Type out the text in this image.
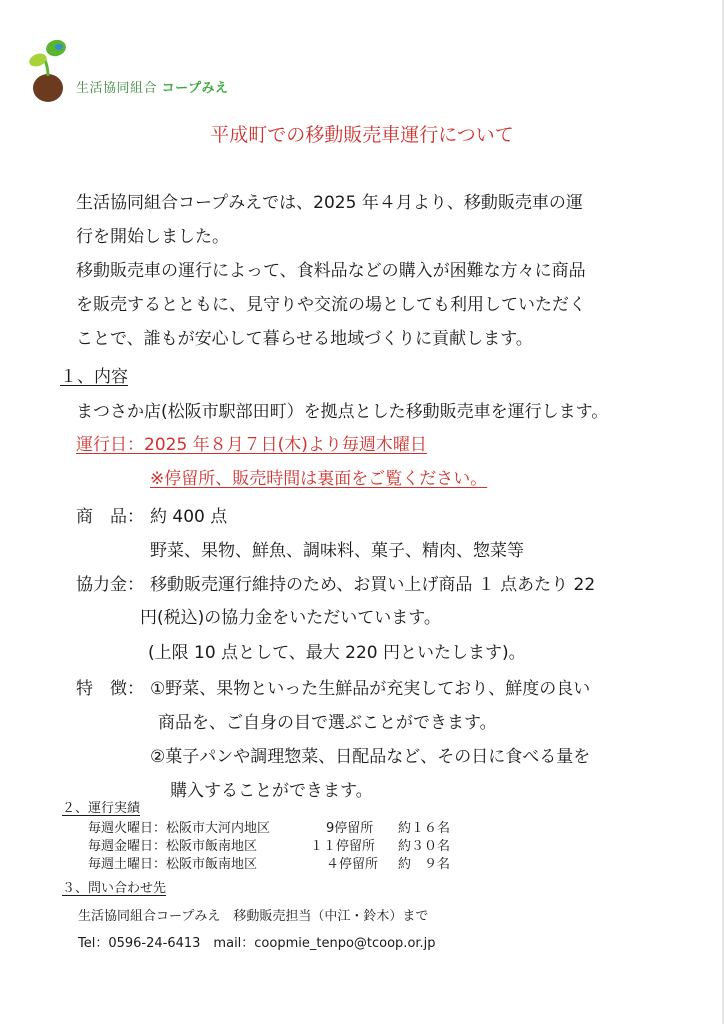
生活協同組合 コープみえ
平成町での移動販売車運行について
生活協同組合コープみえでは、2025 年４月より、移動販売車の運
行を開始しました。
移動販売車の運行によって、食料品などの購入が困難な方々に商品
を販売するとともに、見守りや交流の場としても利用していただく
ことで、誰もが安心して暮らせる地域づくりに貢献します。
１、内容
まつさか店(松阪市駅部田町）を拠点とした移動販売車を運行します。
運行日：2025 年８月７日(木)より毎週木曜日
※停留所、販売時間は裏面をご覧ください。
商　品： 約 400 点
野菜、果物、鮮魚、調味料、菓子、精肉、惣菜等
協力金： 移動販売運行維持のため、お買い上げ商品 １ 点あたり 22
円(税込)の協力金をいただいています。
(上限 10 点として、最大 220 円といたします)。
特　徴： ①野菜、果物といった生鮮品が充実しており、鮮度の良い
商品を、ご自身の目で選ぶことができます。
②菓子パンや調理惣菜、日配品など、その日に食べる量を
購入することができます。
２、運行実績
毎週火曜日：松阪市大河内地区	9停留所 約１６名
毎週金曜日：松阪市飯南地区	１１停留所 約３０名
毎週土曜日：松阪市飯南地区	４停留所 約　９名
３、問い合わせ先
生活協同組合コープみえ　移動販売担当（中江・鈴木）まで
Tel：0596-24-6413　mail：coopmie_tenpo@tcoop.or.jp
